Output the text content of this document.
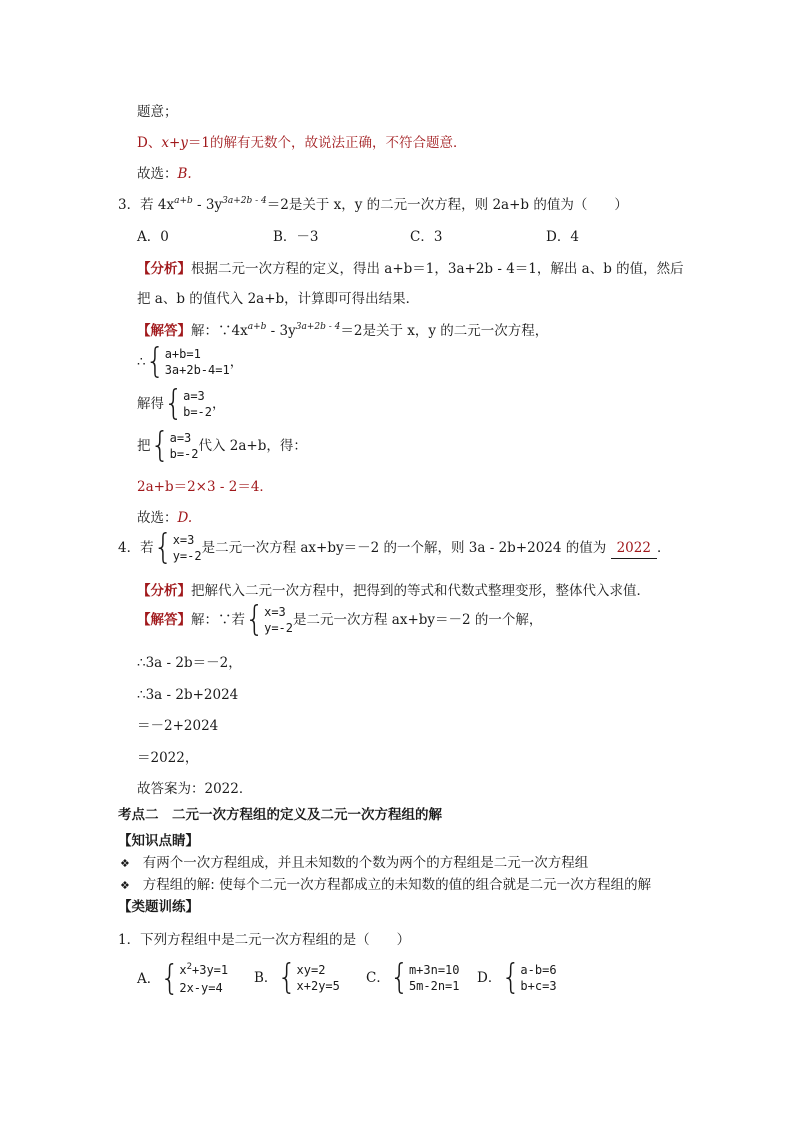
题意；
D、x+y＝1的解有无数个，故说法正确，不符合题意．
故选：B.
3．若 $4x^{a+b} - 3y^{3a+2b - 4}=2$是关于 x，y 的二元一次方程，则 2a+b 的值为（　　）
A．0	B．－3	C．3	D．4
【分析】根据二元一次方程的定义，得出 a+b＝1，3a+2b - 4＝1，解出 a、b 的值，然后
把 a、b 的值代入 2a+b，计算即可得出结果．
【解答】解：$\because 4x^{a+b} - 3y^{3a+2b - 4}=2$是关于 x，y 的二元一次方程，
∴{ a+b=1
3a+2b-4=1 ，
解得{ a=3
b=-2 ，
把{ a=3
b=-2 代入 2a+b，得：
2a+b＝2×3 - 2＝4．
故选：D.
4．若{ x=3
y=-2 是二元一次方程 ax+by＝－2 的一个解，则 3a - 2b+2024 的值为 2022 ．
【分析】把解代入二元一次方程中，把得到的等式和代数式整理变形，整体代入求值．
【解答】解：∵若{ x=3
y=-2 是二元一次方程 ax+by＝－2 的一个解，
∴3a - 2b＝－2，
∴3a - 2b+2024
＝－2+2024
＝2022，
故答案为：2022．
考点二　二元一次方程组的定义及二元一次方程组的解
【知识点睛】
❖ 有两个一次方程组成，并且未知数的个数为两个的方程组是二元一次方程组
❖ 方程组的解: 使每个二元一次方程都成立的未知数的值的组合就是二元一次方程组的解
【类题训练】
1．下列方程组中是二元一次方程组的是（　　）
A．{ $x^2+3y=1$
2x-y=4
B．{ xy=2
x+2y=5 C．{ m+3n=10
5m-2n=1 D．{ a-b=6
b+c=3
